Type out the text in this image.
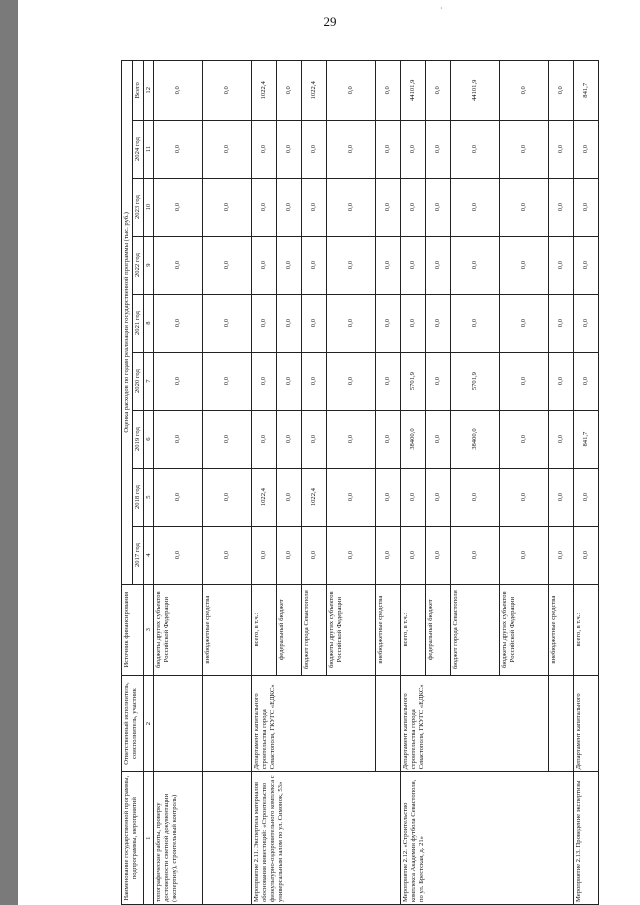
·
29
Наименование государственной программы, подпрограммы, мероприятий	Ответственный исполнитель, соисполнитель, участник	Источник финансирования	Оценка расходов по годам реализации государственной программы (тыс. руб.)								
			2017 год	2018 год	2019 год	2020 год	2021 год	2022 год	2023 год	2024 год	Всего
1	2	3	4	5	6	7	8	9	10	11	12
топографические работы, проверку достоверности сметной документации (экспертизу), строительный контроль)		бюджеты других субъектов Российской Федерации	0,0	0,0	0,0	0,0	0,0	0,0	0,0	0,0	0,0
		внебюджетные средства	0,0	0,0	0,0	0,0	0,0	0,0	0,0	0,0	0,0
Мероприятие 2.11. Экспертиза материалов обоснования инвестиций: «Строительство физкультурно-оздоровительного комплекса с универсальным залом по ул. Симонок, 53»	Департамент капитального строительства города Севастополя, ГКУГС «ЕДКС»	всего, в т.ч.:	0,0	1022,4	0,0	0,0	0,0	0,0	0,0	0,0	1022,4
		федеральный бюджет	0,0	0,0	0,0	0,0	0,0	0,0	0,0	0,0	0,0
		бюджет города Севастополя	0,0	1022,4	0,0	0,0	0,0	0,0	0,0	0,0	1022,4
		бюджеты других субъектов Российской Федерации	0,0	0,0	0,0	0,0	0,0	0,0	0,0	0,0	0,0
		внебюджетные средства	0,0	0,0	0,0	0,0	0,0	0,0	0,0	0,0	0,0
Мероприятие 2.12. «Строительство комплекса Академии футбола Севастополя, по ул. Брестская, д. 21»	Департамент капитального строительства города Севастополя, ГКУГС «ЕДКС»	всего, в т.ч.:	0,0	0,0	38400,0	5701,9	0,0	0,0	0,0	0,0	44101,9
		федеральный бюджет	0,0	0,0	0,0	0,0	0,0	0,0	0,0	0,0	0,0
		бюджет города Севастополя	0,0	0,0	38400,0	5701,9	0,0	0,0	0,0	0,0	44101,9
		бюджеты других субъектов Российской Федерации	0,0	0,0	0,0	0,0	0,0	0,0	0,0	0,0	0,0
		внебюджетные средства	0,0	0,0	0,0	0,0	0,0	0,0	0,0	0,0	0,0
Мероприятие 2.13. Проведение экспертизы	Департамент капитального	всего, в т.ч.:	0,0	0,0	841,7	0,0	0,0	0,0	0,0	0,0	841,7
